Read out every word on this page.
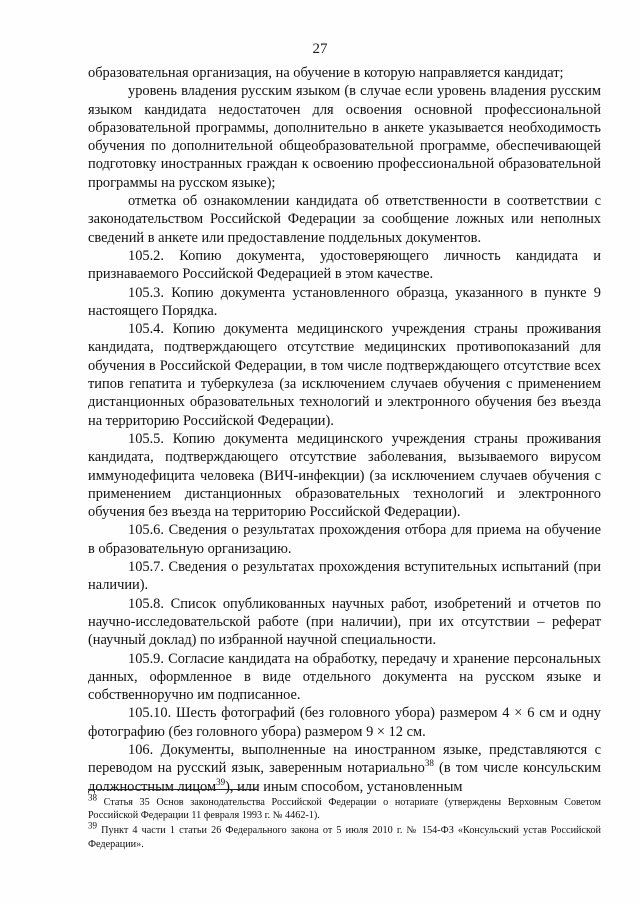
27

образовательная организация, на обучение в которую направляется кандидат;

уровень владения русским языком (в случае если уровень владения русским языком кандидата недостаточен для освоения основной профессиональной образовательной программы, дополнительно в анкете указывается необходимость обучения по дополнительной общеобразовательной программе, обеспечивающей подготовку иностранных граждан к освоению профессиональной образовательной программы на русском языке);

отметка об ознакомлении кандидата об ответственности в соответствии с законодательством Российской Федерации за сообщение ложных или неполных сведений в анкете или предоставление поддельных документов.

105.2. Копию документа, удостоверяющего личность кандидата и признаваемого Российской Федерацией в этом качестве.

105.3. Копию документа установленного образца, указанного в пункте 9 настоящего Порядка.

105.4. Копию документа медицинского учреждения страны проживания кандидата, подтверждающего отсутствие медицинских противопоказаний для обучения в Российской Федерации, в том числе подтверждающего отсутствие всех типов гепатита и туберкулеза (за исключением случаев обучения с применением дистанционных образовательных технологий и электронного обучения без въезда на территорию Российской Федерации).

105.5. Копию документа медицинского учреждения страны проживания кандидата, подтверждающего отсутствие заболевания, вызываемого вирусом иммунодефицита человека (ВИЧ-инфекции) (за исключением случаев обучения с применением дистанционных образовательных технологий и электронного обучения без въезда на территорию Российской Федерации).

105.6. Сведения о результатах прохождения отбора для приема на обучение в образовательную организацию.

105.7. Сведения о результатах прохождения вступительных испытаний (при наличии).

105.8. Список опубликованных научных работ, изобретений и отчетов по научно-исследовательской работе (при наличии), при их отсутствии – реферат (научный доклад) по избранной научной специальности.

105.9. Согласие кандидата на обработку, передачу и хранение персональных данных, оформленное в виде отдельного документа на русском языке и собственноручно им подписанное.

105.10. Шесть фотографий (без головного убора) размером 4 × 6 см и одну фотографию (без головного убора) размером 9 × 12 см.

106. Документы, выполненные на иностранном языке, представляются с переводом на русский язык, заверенным нотариально$^{38}$ (в том числе консульским должностным лицом$^{39}$), или иным способом, установленным

$^{38}$ Статья 35 Основ законодательства Российской Федерации о нотариате (утверждены Верховным Советом Российской Федерации 11 февраля 1993 г. № 4462-1).

$^{39}$ Пункт 4 части 1 статьи 26 Федерального закона от 5 июля 2010 г. № 154-ФЗ «Консульский устав Российской Федерации».
